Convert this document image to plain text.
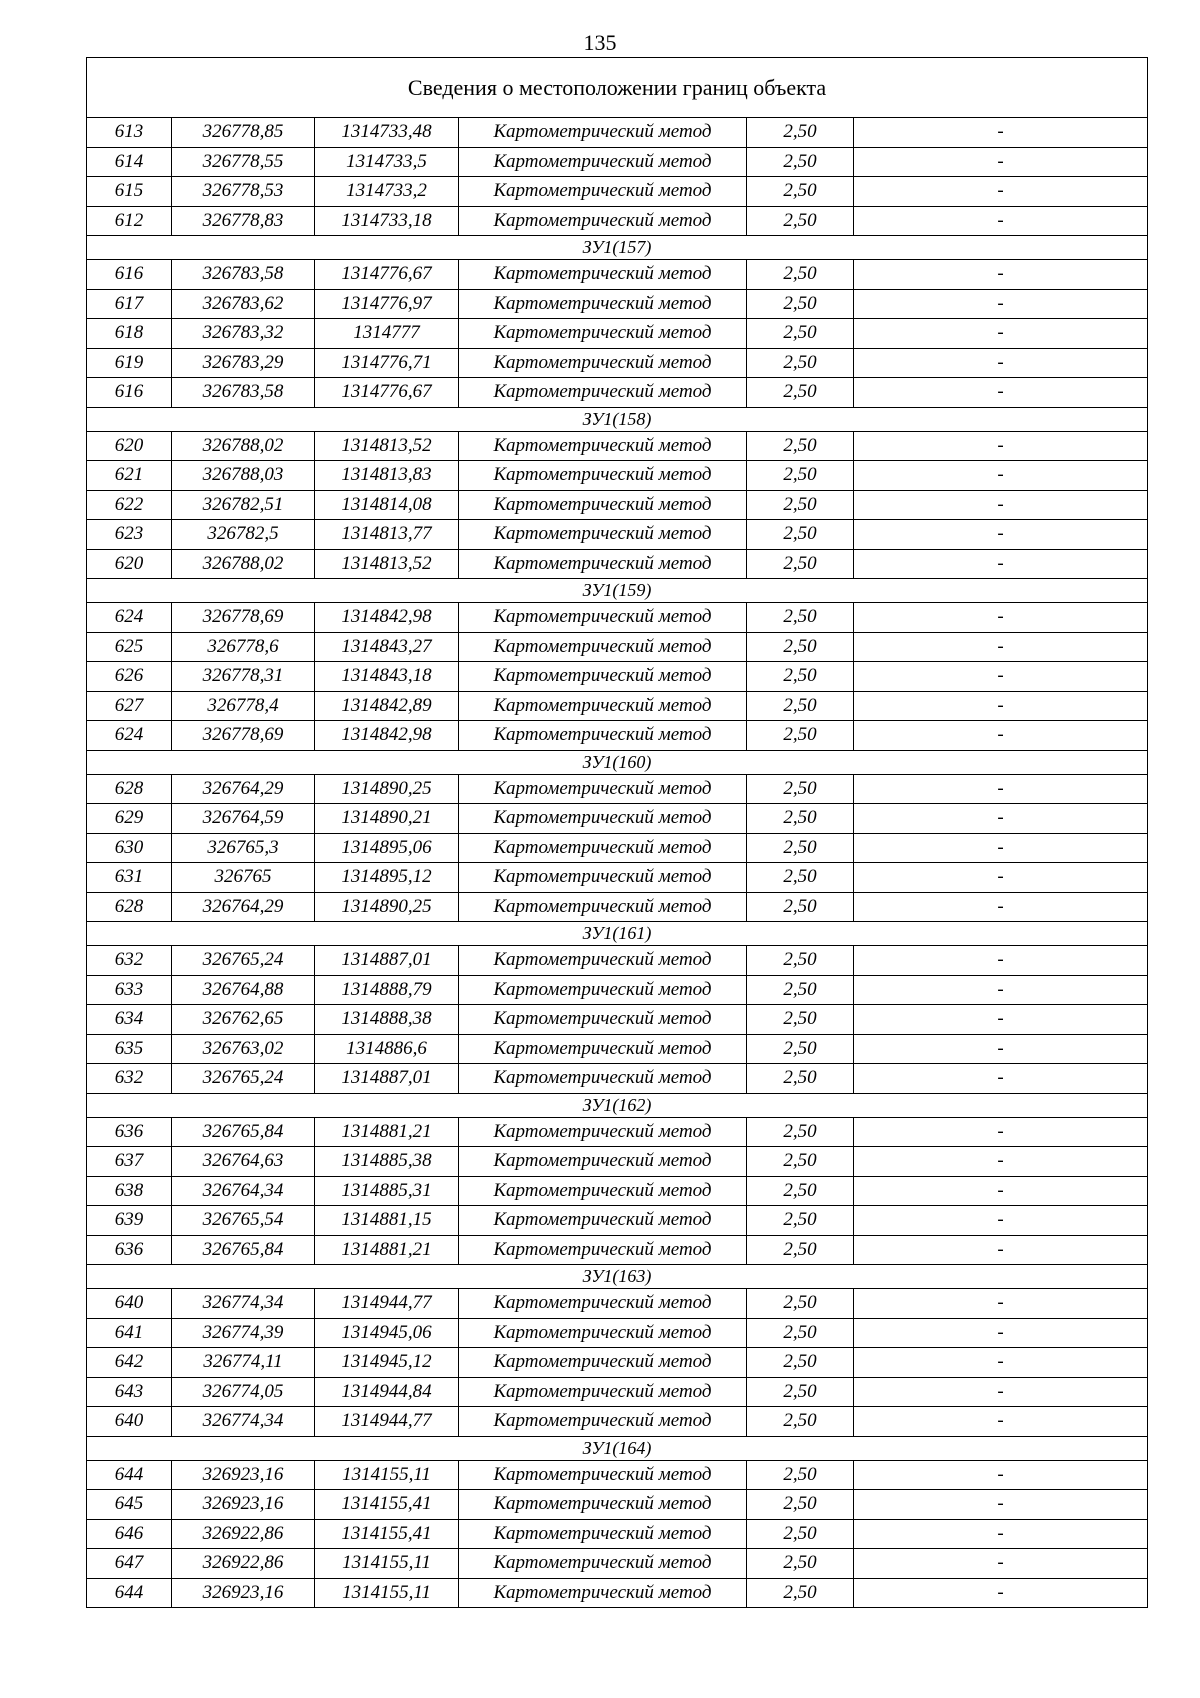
135
Сведения о местоположении границ объекта					
613	326778,85	1314733,48	Картометрический метод	2,50	-
614	326778,55	1314733,5	Картометрический метод	2,50	-
615	326778,53	1314733,2	Картометрический метод	2,50	-
612	326778,83	1314733,18	Картометрический метод	2,50	-
ЗУ1(157)					
616	326783,58	1314776,67	Картометрический метод	2,50	-
617	326783,62	1314776,97	Картометрический метод	2,50	-
618	326783,32	1314777	Картометрический метод	2,50	-
619	326783,29	1314776,71	Картометрический метод	2,50	-
616	326783,58	1314776,67	Картометрический метод	2,50	-
ЗУ1(158)					
620	326788,02	1314813,52	Картометрический метод	2,50	-
621	326788,03	1314813,83	Картометрический метод	2,50	-
622	326782,51	1314814,08	Картометрический метод	2,50	-
623	326782,5	1314813,77	Картометрический метод	2,50	-
620	326788,02	1314813,52	Картометрический метод	2,50	-
ЗУ1(159)					
624	326778,69	1314842,98	Картометрический метод	2,50	-
625	326778,6	1314843,27	Картометрический метод	2,50	-
626	326778,31	1314843,18	Картометрический метод	2,50	-
627	326778,4	1314842,89	Картометрический метод	2,50	-
624	326778,69	1314842,98	Картометрический метод	2,50	-
ЗУ1(160)					
628	326764,29	1314890,25	Картометрический метод	2,50	-
629	326764,59	1314890,21	Картометрический метод	2,50	-
630	326765,3	1314895,06	Картометрический метод	2,50	-
631	326765	1314895,12	Картометрический метод	2,50	-
628	326764,29	1314890,25	Картометрический метод	2,50	-
ЗУ1(161)					
632	326765,24	1314887,01	Картометрический метод	2,50	-
633	326764,88	1314888,79	Картометрический метод	2,50	-
634	326762,65	1314888,38	Картометрический метод	2,50	-
635	326763,02	1314886,6	Картометрический метод	2,50	-
632	326765,24	1314887,01	Картометрический метод	2,50	-
ЗУ1(162)					
636	326765,84	1314881,21	Картометрический метод	2,50	-
637	326764,63	1314885,38	Картометрический метод	2,50	-
638	326764,34	1314885,31	Картометрический метод	2,50	-
639	326765,54	1314881,15	Картометрический метод	2,50	-
636	326765,84	1314881,21	Картометрический метод	2,50	-
ЗУ1(163)					
640	326774,34	1314944,77	Картометрический метод	2,50	-
641	326774,39	1314945,06	Картометрический метод	2,50	-
642	326774,11	1314945,12	Картометрический метод	2,50	-
643	326774,05	1314944,84	Картометрический метод	2,50	-
640	326774,34	1314944,77	Картометрический метод	2,50	-
ЗУ1(164)					
644	326923,16	1314155,11	Картометрический метод	2,50	-
645	326923,16	1314155,41	Картометрический метод	2,50	-
646	326922,86	1314155,41	Картометрический метод	2,50	-
647	326922,86	1314155,11	Картометрический метод	2,50	-
644	326923,16	1314155,11	Картометрический метод	2,50	-
